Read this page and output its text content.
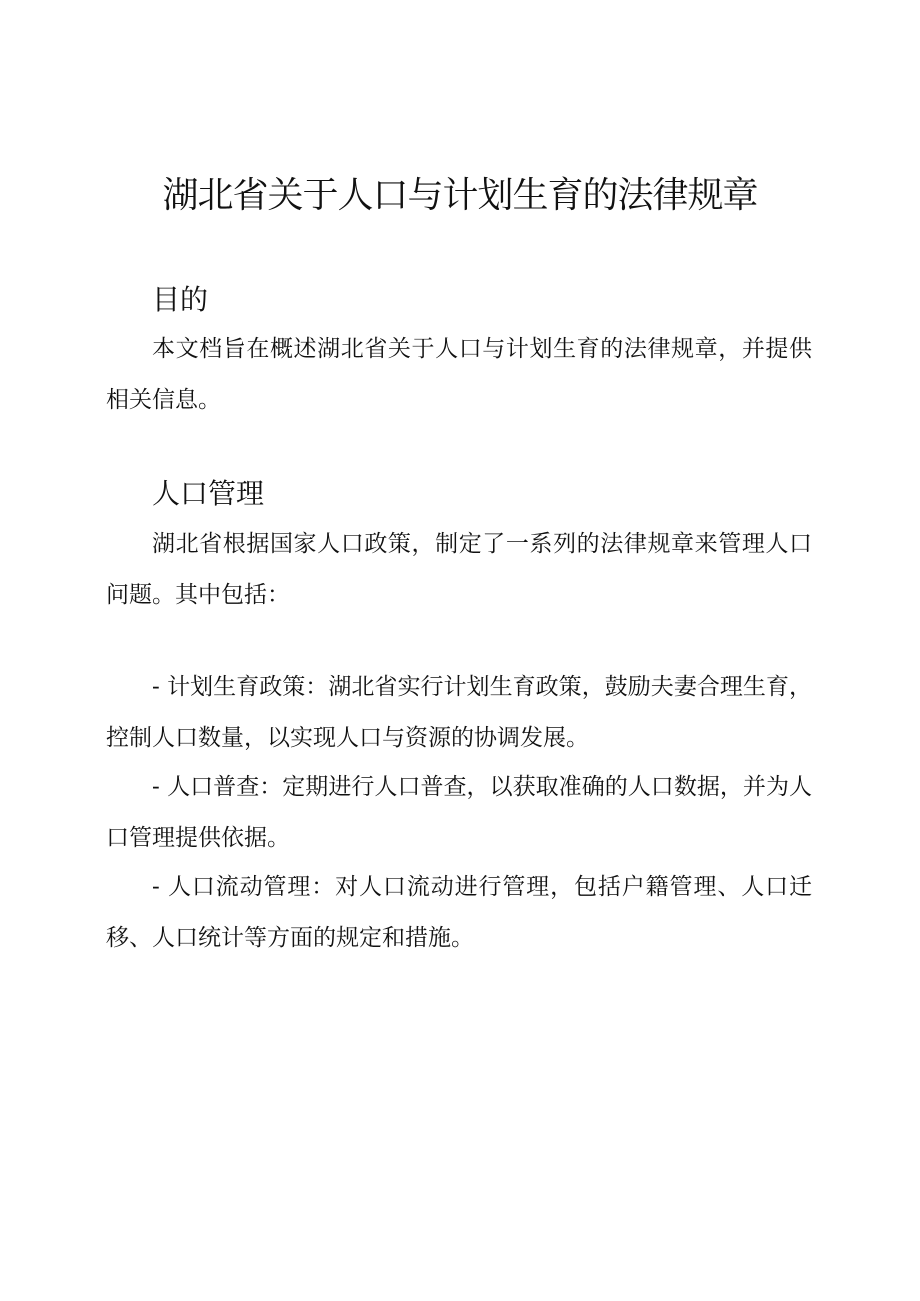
湖北省关于人口与计划生育的法律规章
目的

本文档旨在概述湖北省关于人口与计划生育的法律规章，并提供相关信息。

人口管理

湖北省根据国家人口政策，制定了一系列的法律规章来管理人口问题。其中包括：

- 计划生育政策：湖北省实行计划生育政策，鼓励夫妻合理生育，控制人口数量，以实现人口与资源的协调发展。

- 人口普查：定期进行人口普查，以获取准确的人口数据，并为人口管理提供依据。

- 人口流动管理：对人口流动进行管理，包括户籍管理、人口迁移、人口统计等方面的规定和措施。
